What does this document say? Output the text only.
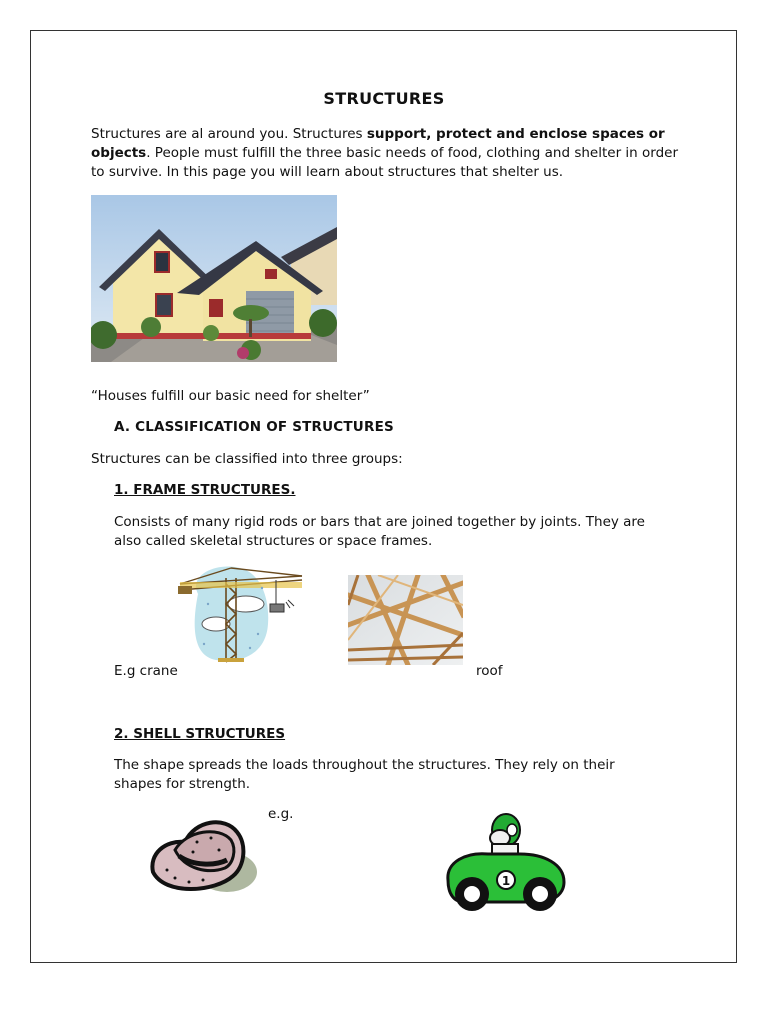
STRUCTURES
Structures are al around you. Structures support, protect and enclose spaces or objects. People must fulfill the three basic needs of food, clothing and shelter in order to survive. In this page you will learn about structures that shelter us.
“Houses fulfill our basic need for shelter”
A. CLASSIFICATION OF STRUCTURES
Structures can be classified into three groups:
1. FRAME STRUCTURES.
Consists of many rigid rods or bars that are joined together by joints. They are also called skeletal structures or space frames.
E.g crane	roof
2. SHELL STRUCTURES
The shape spreads the loads throughout the structures. They rely on their shapes for strength.
e.g.
1
